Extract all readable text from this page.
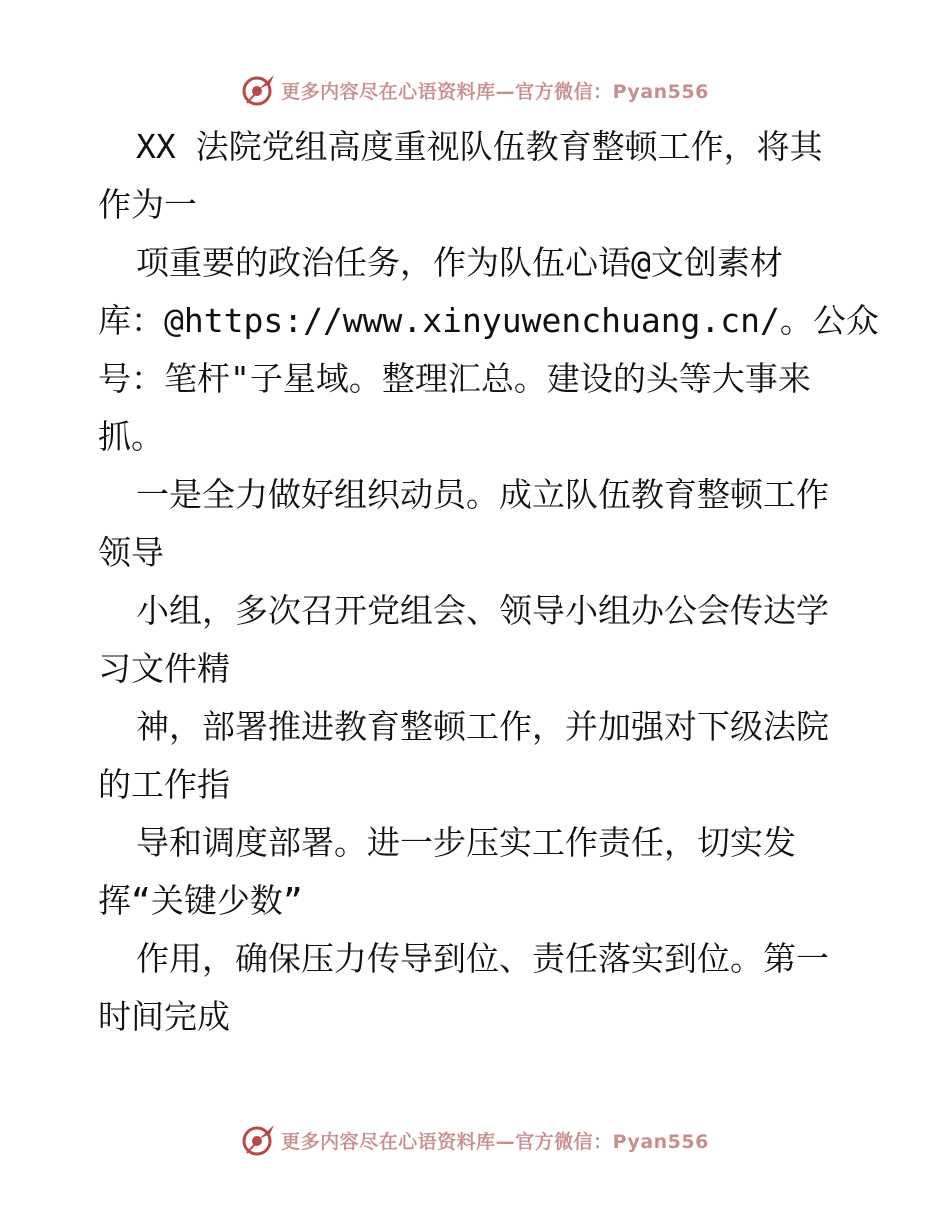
更多内容尽在心语资料库—官方微信：Pyan556
XX 法院党组高度重视队伍教育整顿工作，将其
作为一
项重要的政治任务，作为队伍心语@文创素材
库：@https://www.xinyuwenchuang.cn/。公众
号：笔杆"子星域。整理汇总。建设的头等大事来
抓。
一是全力做好组织动员。成立队伍教育整顿工作
领导
小组，多次召开党组会、领导小组办公会传达学
习文件精
神，部署推进教育整顿工作，并加强对下级法院
的工作指
导和调度部署。进一步压实工作责任，切实发
挥“关键少数”
作用，确保压力传导到位、责任落实到位。第一
时间完成
更多内容尽在心语资料库—官方微信：Pyan556
